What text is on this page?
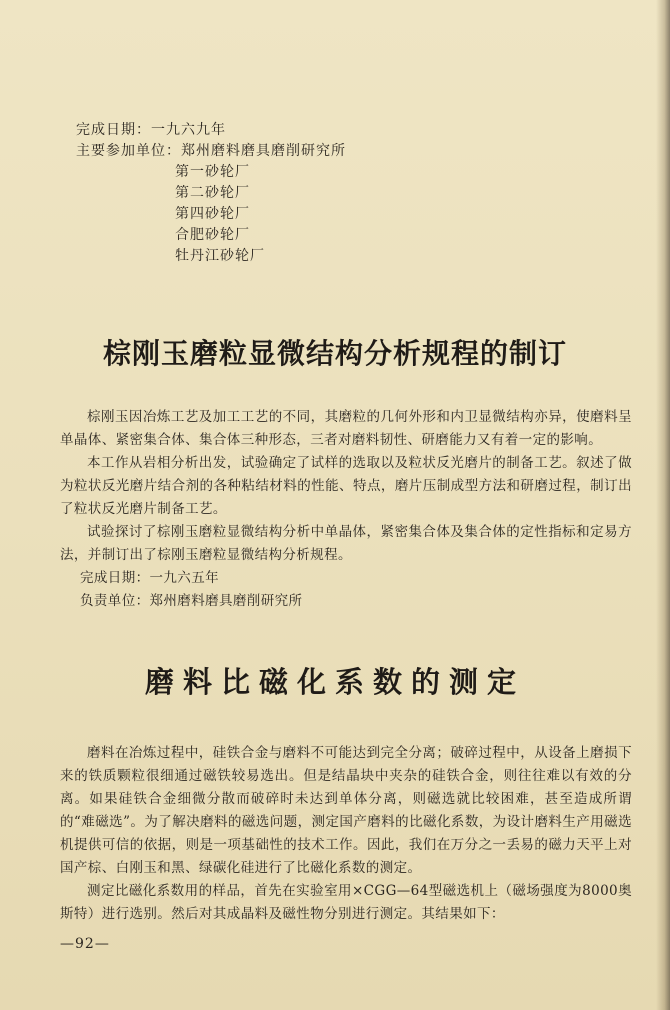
完成日期：一九六九年
主要参加单位：郑州磨料磨具磨削研究所
第一砂轮厂
第二砂轮厂
第四砂轮厂
合肥砂轮厂
牡丹江砂轮厂
棕刚玉磨粒显微结构分析规程的制订

棕刚玉因冶炼工艺及加工工艺的不同，其磨粒的几何外形和内卫显微结构亦异，使磨料呈单晶体、紧密集合体、集合体三种形态，三者对磨料韧性、研磨能力又有着一定的影响。

本工作从岩相分析出发，试验确定了试样的选取以及粒状反光磨片的制备工艺。叙述了做为粒状反光磨片结合剂的各种粘结材料的性能、特点，磨片压制成型方法和研磨过程，制订出了粒状反光磨片制备工艺。

试验探讨了棕刚玉磨粒显微结构分析中单晶体，紧密集合体及集合体的定性指标和定易方法，并制订出了棕刚玉磨粒显微结构分析规程。

完成日期：一九六五年

负责单位：郑州磨料磨具磨削研究所

磨料比磁化系数的测定

磨料在冶炼过程中，硅铁合金与磨料不可能达到完全分离；破碎过程中，从设备上磨损下来的铁质颗粒很细通过磁铁较易选出。但是结晶块中夹杂的硅铁合金，则往往难以有效的分离。如果硅铁合金细微分散而破碎时未达到单体分离，则磁选就比较困难，甚至造成所谓的“难磁选”。为了解决磨料的磁选问题，测定国产磨料的比磁化系数，为设计磨料生产用磁选机提供可信的依据，则是一项基础性的技术工作。因此，我们在万分之一丢易的磁力天平上对国产棕、白刚玉和黑、绿碳化硅进行了比磁化系数的测定。

测定比磁化系数用的样品，首先在实验室用×CGG—64型磁选机上（磁场强度为8000奥斯特）进行选别。然后对其成晶料及磁性物分别进行测定。其结果如下：

—92—
